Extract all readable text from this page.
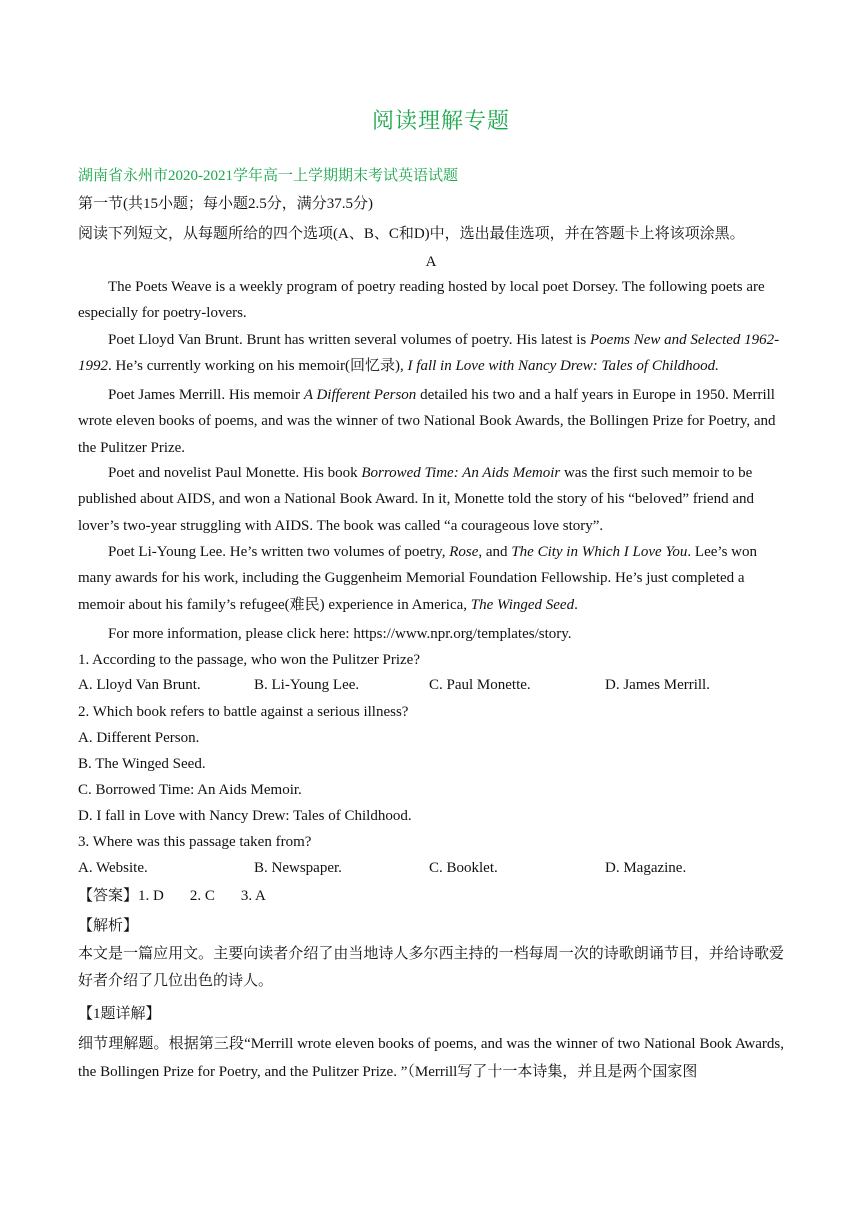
阅读理解专题
湖南省永州市2020-2021学年高一上学期期末考试英语试题
第一节(共15小题；每小题2.5分，满分37.5分)
阅读下列短文，从每题所给的四个选项(A、B、C和D)中，选出最佳选项，并在答题卡上将该项涂黑。
A
The Poets Weave is a weekly program of poetry reading hosted by local poet Dorsey. The following poets are especially for poetry-lovers.
Poet Lloyd Van Brunt. Brunt has written several volumes of poetry. His latest is Poems New and Selected 1962-1992. He’s currently working on his memoir(回忆录), I fall in Love with Nancy Drew: Tales of Childhood.
Poet James Merrill. His memoir A Different Person detailed his two and a half years in Europe in 1950. Merrill wrote eleven books of poems, and was the winner of two National Book Awards, the Bollingen Prize for Poetry, and the Pulitzer Prize.
Poet and novelist Paul Monette. His book Borrowed Time: An Aids Memoir was the first such memoir to be published about AIDS, and won a National Book Award. In it, Monette told the story of his “beloved” friend and lover’s two-year struggling with AIDS. The book was called “a courageous love story”.
Poet Li-Young Lee. He’s written two volumes of poetry, Rose, and The City in Which I Love You. Lee’s won many awards for his work, including the Guggenheim Memorial Foundation Fellowship. He’s just completed a memoir about his family’s refugee(难民) experience in America, The Winged Seed.
For more information, please click here: https://www.npr.org/templates/story.
1. According to the passage, who won the Pulitzer Prize?
A. Lloyd Van Brunt.	B. Li-Young Lee.	C. Paul Monette.	D. James Merrill.
2. Which book refers to battle against a serious illness?
A. Different Person.
B. The Winged Seed.
C. Borrowed Time: An Aids Memoir.
D. I fall in Love with Nancy Drew: Tales of Childhood.
3. Where was this passage taken from?
A. Website.	B. Newspaper.	C. Booklet.	D. Magazine.
【答案】1. D 2. C 3. A
【解析】
本文是一篇应用文。主要向读者介绍了由当地诗人多尔西主持的一档每周一次的诗歌朗诵节目，并给诗歌爱好者介绍了几位出色的诗人。
【1题详解】
细节理解题。根据第三段“Merrill wrote eleven books of poems, and was the winner of two National Book Awards, the Bollingen Prize for Poetry, and the Pulitzer Prize. ”（Merrill写了十一本诗集，并且是两个国家图
